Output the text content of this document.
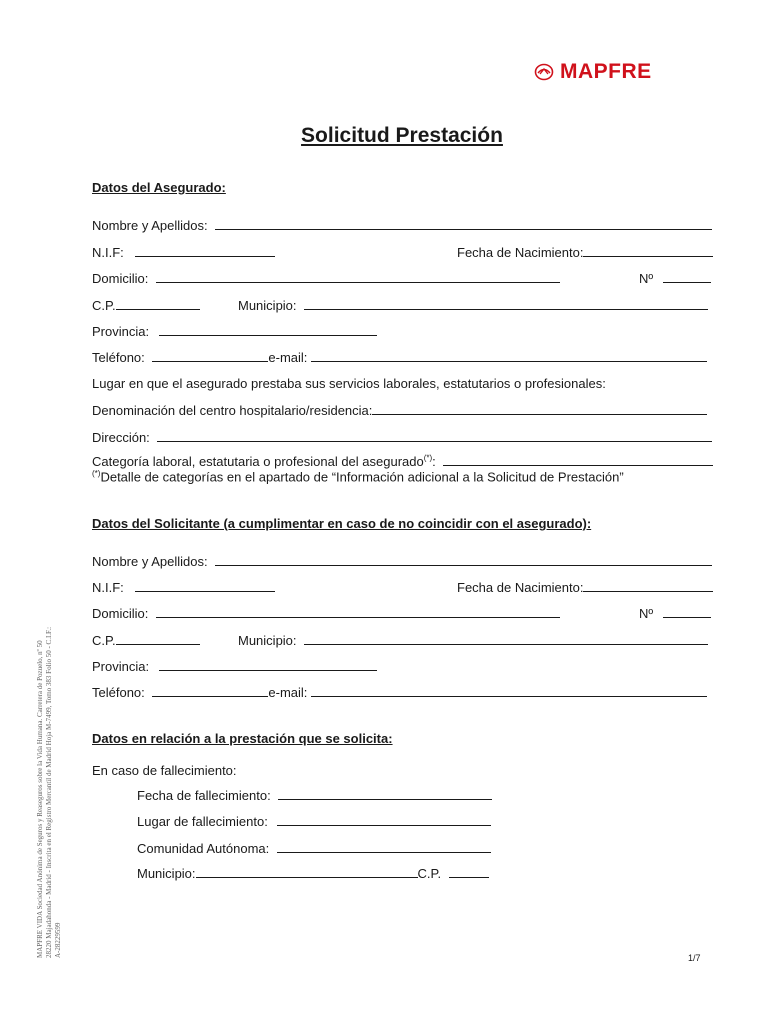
MAPFRE
Solicitud Prestación
Datos del Asegurado:
Nombre y Apellidos:
N.I.F:	Fecha de Nacimiento:
Domicilio:	Nº
C.P.	Municipio:
Provincia:
Teléfono:	e-mail:
Lugar en que el asegurado prestaba sus servicios laborales, estatutarios o profesionales:
Denominación del centro hospitalario/residencia:
Dirección:
Categoría laboral, estatutaria o profesional del asegurado(*):
(*)Detalle de categorías en el apartado de “Información adicional a la Solicitud de Prestación”
Datos del Solicitante (a cumplimentar en caso de no coincidir con el asegurado):
Nombre y Apellidos:
N.I.F:	Fecha de Nacimiento:
Domicilio:	Nº
C.P.	Municipio:
Provincia:
Teléfono:	e-mail:
Datos en relación a la prestación que se solicita:
En caso de fallecimiento:
Fecha de fallecimiento:
Lugar de fallecimiento:
Comunidad Autónoma:
Municipio:	C.P.
MAPFRE VIDA Sociedad Anónima de Seguros y Reaseguros sobre la Vida Humana. Carretera de Pozuelo, nº 50 28220 Majadahonda - Madrid - Inscrita en el Registro Mercantil de Madrid Hoja M-7499, Tomo 383 Folio 50 - C.I.F.: A-28229599	1/7
